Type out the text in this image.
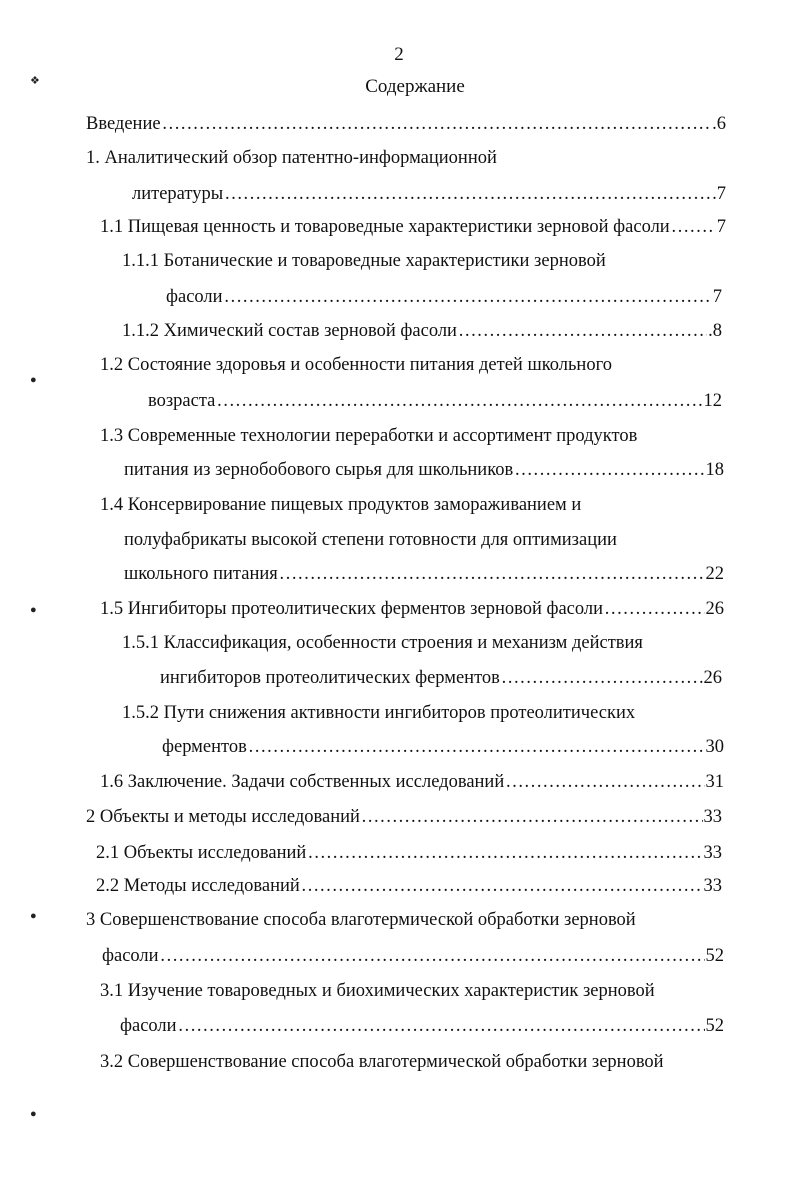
❖
●
●
●
●
2
Содержание
Введение ……………………………………………………………………………………………………………………………………………………………………………………	.6
1. Аналитический обзор патентно-информационной
литературы ……………………………………………………………………………………………………………………………………………………………………………………	7
1.1 Пищевая ценность и товароведные характеристики зерновой фасоли ……………………………………………………………………………………………………………………………………………………………………………………	7
1.1.1 Ботанические и товароведные характеристики зерновой
фасоли ……………………………………………………………………………………………………………………………………………………………………………………	7
1.1.2 Химический состав зерновой фасоли ……………………………………………………………………………………………………………………………………………………………………………………	.8
1.2 Состояние здоровья и особенности питания детей школьного
возраста ……………………………………………………………………………………………………………………………………………………………………………………	12
1.3 Современные технологии переработки и ассортимент продуктов
питания из зернобобового сырья для школьников ……………………………………………………………………………………………………………………………………………………………………………………	18
1.4 Консервирование пищевых продуктов замораживанием и
полуфабрикаты высокой степени готовности для оптимизации
школьного питания ……………………………………………………………………………………………………………………………………………………………………………………	22
1.5 Ингибиторы протеолитических ферментов зерновой фасоли ……………………………………………………………………………………………………………………………………………………………………………………	26
1.5.1 Классификация, особенности строения и механизм действия
ингибиторов протеолитических ферментов ……………………………………………………………………………………………………………………………………………………………………………………	26
1.5.2 Пути снижения активности ингибиторов протеолитических
ферментов ……………………………………………………………………………………………………………………………………………………………………………………	30
1.6 Заключение. Задачи собственных исследований ……………………………………………………………………………………………………………………………………………………………………………………	31
2 Объекты и методы исследований ……………………………………………………………………………………………………………………………………………………………………………………	33
2.1 Объекты исследований ……………………………………………………………………………………………………………………………………………………………………………………	33
2.2 Методы исследований ……………………………………………………………………………………………………………………………………………………………………………………	33
3 Совершенствование способа влаготермической обработки зерновой
фасоли ……………………………………………………………………………………………………………………………………………………………………………………	52
3.1 Изучение товароведных и биохимических характеристик зерновой
фасоли ……………………………………………………………………………………………………………………………………………………………………………………	52
3.2 Совершенствование способа влаготермической обработки зерновой
